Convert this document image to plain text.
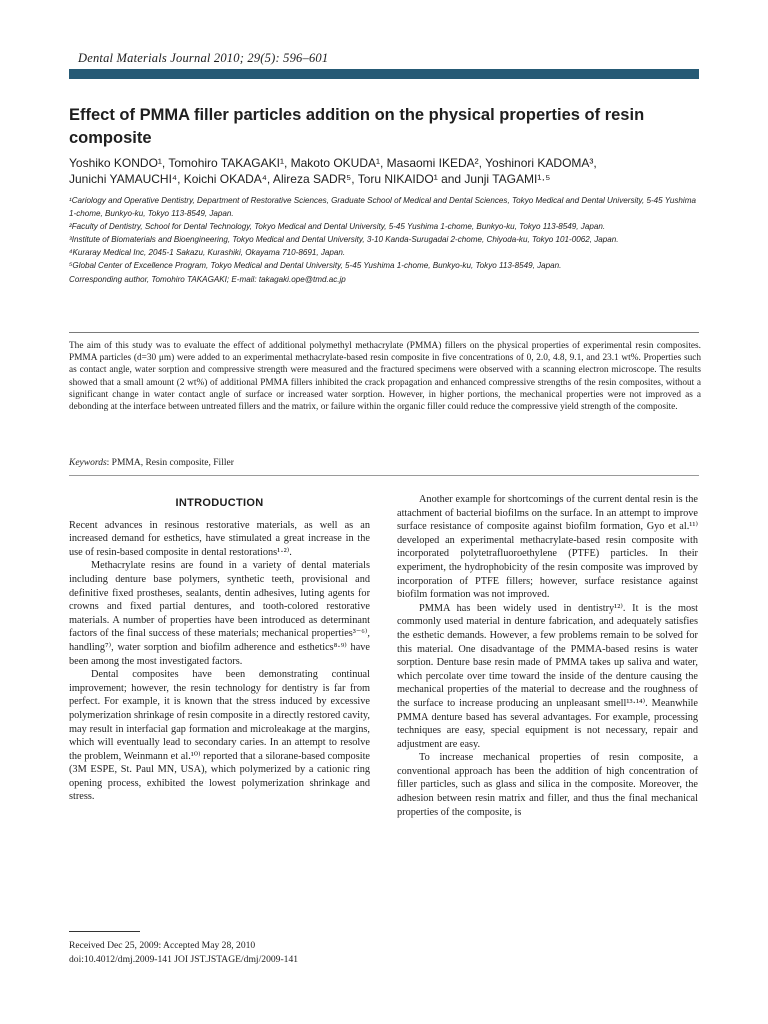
Dental Materials Journal 2010; 29(5): 596–601
Effect of PMMA filler particles addition on the physical properties of resin composite
Yoshiko KONDO¹, Tomohiro TAKAGAKI¹, Makoto OKUDA¹, Masaomi IKEDA², Yoshinori KADOMA³,
Junichi YAMAUCHI⁴, Koichi OKADA⁴, Alireza SADR⁵, Toru NIKAIDO¹ and Junji TAGAMI¹·⁵

¹Cariology and Operative Dentistry, Department of Restorative Sciences, Graduate School of Medical and Dental Sciences, Tokyo Medical and Dental University, 5-45 Yushima 1-chome, Bunkyo-ku, Tokyo 113-8549, Japan.

²Faculty of Dentistry, School for Dental Technology, Tokyo Medical and Dental University, 5-45 Yushima 1-chome, Bunkyo-ku, Tokyo 113-8549, Japan.

³Institute of Biomaterials and Bioengineering, Tokyo Medical and Dental University, 3-10 Kanda-Surugadai 2-chome, Chiyoda-ku, Tokyo 101-0062, Japan.

⁴Kuraray Medical Inc, 2045-1 Sakazu, Kurashiki, Okayama 710-8691, Japan.

⁵Global Center of Excellence Program, Tokyo Medical and Dental University, 5-45 Yushima 1-chome, Bunkyo-ku, Tokyo 113-8549, Japan.

Corresponding author, Tomohiro TAKAGAKI; E-mail: takagaki.ope@tmd.ac.jp

The aim of this study was to evaluate the effect of additional polymethyl methacrylate (PMMA) fillers on the physical properties of experimental resin composites. PMMA particles (d=30 μm) were added to an experimental methacrylate-based resin composite in five concentrations of 0, 2.0, 4.8, 9.1, and 23.1 wt%. Properties such as contact angle, water sorption and compressive strength were measured and the fractured specimens were observed with a scanning electron microscope. The results showed that a small amount (2 wt%) of additional PMMA fillers inhibited the crack propagation and enhanced compressive strengths of the resin composites, without a significant change in water contact angle of surface or increased water sorption. However, in higher portions, the mechanical properties were not improved as a debonding at the interface between untreated fillers and the matrix, or failure within the organic filler could reduce the compressive yield strength of the composite.

Keywords: PMMA, Resin composite, Filler
INTRODUCTION

Recent advances in resinous restorative materials, as well as an increased demand for esthetics, have stimulated a great increase in the use of resin-based composite in dental restorations¹·²⁾.

Methacrylate resins are found in a variety of dental materials including denture base polymers, synthetic teeth, provisional and definitive fixed prostheses, sealants, dentin adhesives, luting agents for crowns and fixed partial dentures, and tooth-colored restorative materials. A number of properties have been introduced as determinant factors of the final success of these materials; mechanical properties³⁻⁶⁾, handling⁷⁾, water sorption and biofilm adherence and esthetics⁸·⁹⁾ have been among the most investigated factors.

Dental composites have been demonstrating continual improvement; however, the resin technology for dentistry is far from perfect. For example, it is known that the stress induced by excessive polymerization shrinkage of resin composite in a directly restored cavity, may result in interfacial gap formation and microleakage at the margins, which will eventually lead to secondary caries. In an attempt to resolve the problem, Weinmann et al.¹⁰⁾ reported that a silorane-based composite (3M ESPE, St. Paul MN, USA), which polymerized by a cationic ring opening process, exhibited the lowest polymerization shrinkage and stress.

Another example for shortcomings of the current dental resin is the attachment of bacterial biofilms on the surface. In an attempt to improve surface resistance of composite against biofilm formation, Gyo et al.¹¹⁾ developed an experimental methacrylate-based resin composite with incorporated polytetrafluoroethylene (PTFE) particles. In their experiment, the hydrophobicity of the resin composite was improved by incorporation of PTFE fillers; however, surface resistance against biofilm formation was not improved.

PMMA has been widely used in dentistry¹²⁾. It is the most commonly used material in denture fabrication, and adequately satisfies the esthetic demands. However, a few problems remain to be solved for this material. One disadvantage of the PMMA-based resins is water sorption. Denture base resin made of PMMA takes up saliva and water, which percolate over time toward the inside of the denture causing the mechanical properties of the material to decrease and the roughness of the surface to increase producing an unpleasant smell¹³·¹⁴⁾. Meanwhile PMMA denture based has several advantages. For example, processing techniques are easy, special equipment is not necessary, repair and adjustment are easy.

To increase mechanical properties of resin composite, a conventional approach has been the addition of high concentration of filler particles, such as glass and silica in the composite. Moreover, the adhesion between resin matrix and filler, and thus the final mechanical properties of the composite, is

Received Dec 25, 2009: Accepted May 28, 2010
doi:10.4012/dmj.2009-141 JOI JST.JSTAGE/dmj/2009-141
